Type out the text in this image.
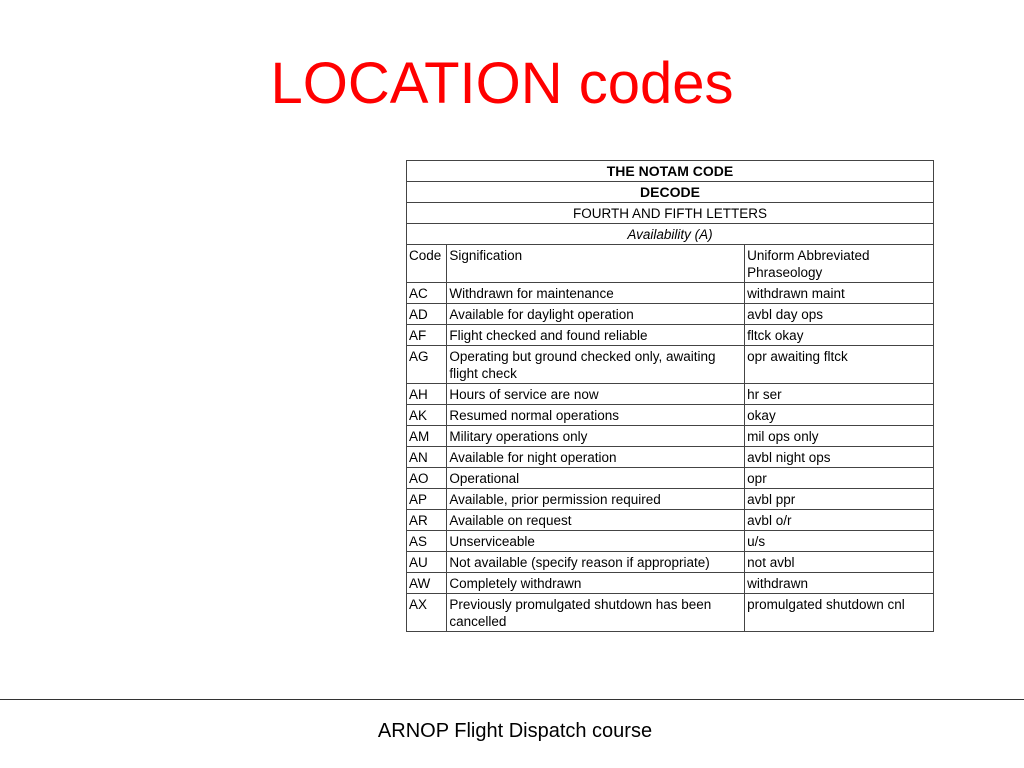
LOCATION codes
THE NOTAM CODE		
DECODE		
FOURTH AND FIFTH LETTERS		
Availability (A)		
Code	Signification	Uniform Abbreviated Phraseology
AC	Withdrawn for maintenance	withdrawn maint
AD	Available for daylight operation	avbl day ops
AF	Flight checked and found reliable	fltck okay
AG	Operating but ground checked only, awaiting flight check	opr awaiting fltck
AH	Hours of service are now	hr ser
AK	Resumed normal operations	okay
AM	Military operations only	mil ops only
AN	Available for night operation	avbl night ops
AO	Operational	opr
AP	Available, prior permission required	avbl ppr
AR	Available on request	avbl o/r
AS	Unserviceable	u/s
AU	Not available (specify reason if appropriate)	not avbl
AW	Completely withdrawn	withdrawn
AX	Previously promulgated shutdown has been cancelled	promulgated shutdown cnl
ARNOP Flight Dispatch course
